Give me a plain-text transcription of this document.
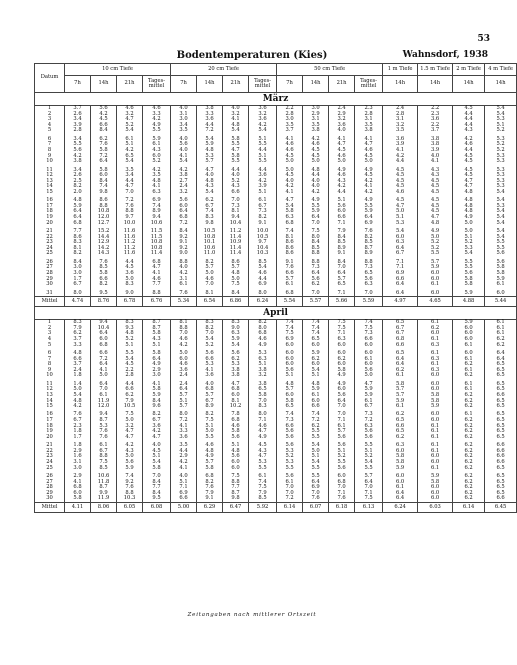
53
Bodentemperaturen (Kies)	Wahnsdorf, 1938
Datum	10 cm Tiefe				20 cm Tiefe				50 cm Tiefe				1 m Tiefe	1.5 m Tiefe	2 m Tiefe	4 m Tiefe
	7h	14h	21h	Tages-mittel	7h	14h	21h	Tages-mittel	7h	14h	21h	Tages-mittel	14h	14h	14h	14h
März																
1	3.7	5.6	4.6	4.6	4.0	3.8	4.0	3.6	2.2	3.0	2.4	2.3	2.4	2.2	4.5	5.4
2	2.6	4.2	3.2	3.3	3.1	3.3	3.2	3.2	2.8	2.9	2.9	2.8	2.8	2.3	4.4	5.4
3	3.4	4.5	4.7	4.2	3.0	3.6	4.1	3.6	3.0	3.1	3.2	3.1	3.1	3.6	4.4	5.3
4	3.9	6.6	5.2	4.9	3.4	4.4	4.8	4.2	3.5	3.5	3.6	3.5	3.2	2.2	4.4	5.1
5	2.8	8.4	5.4	5.5	3.5	7.2	5.4	5.4	3.7	3.8	4.0	3.8	3.5	3.7	4.3	5.2

6	3.4	6.2	6.1	5.9	4.0	5.4	5.8	5.1	4.1	4.2	4.1	4.1	3.6	3.8	4.2	5.3
7	5.5	7.6	5.1	6.1	5.6	5.9	5.5	5.5	4.6	4.6	4.7	4.7	3.9	3.8	4.6	5.2
8	5.6	5.8	4.2	4.3	4.0	4.8	4.7	4.4	4.6	4.5	4.5	4.6	4.1	3.9	4.4	5.2
9	4.2	7.2	6.5	6.0	4.1	5.3	5.8	5.1	4.5	4.5	4.6	4.5	4.2	4.0	4.5	5.3
10	3.8	6.4	5.4	5.2	5.4	5.7	5.5	5.5	5.0	5.0	5.0	5.0	4.4	4.1	4.5	5.3

11	3.4	5.8	3.5	4.2	4.2	4.7	4.4	4.4	5.0	4.8	4.9	4.9	4.5	4.3	4.5	5.3
12	2.6	6.0	3.4	3.5	3.8	4.0	4.0	3.6	4.5	4.4	4.6	4.5	4.5	4.3	4.5	5.3
13	2.5	8.4	4.4	4.8	2.7	4.8	5.2	4.2	4.0	4.0	4.3	4.2	4.5	4.5	4.7	5.3
14	8.2	7.4	4.7	4.1	2.4	4.3	4.3	3.9	4.2	4.0	4.2	4.1	4.5	4.5	4.7	5.3
15	2.0	9.8	7.0	6.3	3.2	5.4	6.6	5.1	4.1	4.2	4.4	4.2	4.6	4.5	4.8	5.4

16	4.8	8.6	7.2	6.9	5.6	6.2	7.0	6.1	4.7	4.9	5.1	4.9	4.5	4.5	4.8	5.4
17	5.9	8.8	7.6	7.4	6.0	6.7	7.3	6.7	5.4	5.5	5.6	5.5	4.7	4.5	4.8	5.3
18	6.4	10.8	8.8	8.9	6.4	7.4	8.1	7.3	5.8	5.9	6.0	5.9	5.0	4.5	4.8	5.4
19	6.4	12.0	9.7	9.4	6.8	8.3	9.4	8.2	6.3	6.4	6.6	6.4	5.1	4.7	4.9	5.4
20	6.8	12.7	10.0	10.6	7.2	9.8	10.4	9.1	6.8	7.0	7.1	6.9	5.3	4.8	5.0	5.4

21	7.7	15.2	11.6	11.5	8.4	10.5	11.2	10.0	7.4	7.5	7.9	7.6	5.4	4.9	5.0	5.4
22	8.6	14.4	11.6	11.5	9.2	10.8	11.4	10.5	8.1	8.0	8.4	8.2	6.0	5.0	5.1	5.4
23	8.3	12.9	11.2	10.8	9.1	10.1	10.9	9.7	8.6	8.4	8.5	8.5	6.3	5.2	5.2	5.5
24	8.1	14.2	11.2	10.8	9.2	10.6	11.4	10.4	8.6	8.5	8.9	8.7	6.4	5.2	5.3	5.5
25	8.2	14.3	11.6	11.4	9.0	11.0	11.4	10.3	8.6	8.8	9.1	8.9	6.7	5.5	5.4	5.6

26	8.4	7.6	4.4	6.8	8.8	8.2	8.6	8.5	9.1	8.8	8.4	8.8	7.1	5.7	5.5	5.6
27	3.0	8.5	4.5	4.7	4.0	5.7	5.7	5.4	7.6	7.3	7.0	7.3	7.1	5.9	5.5	5.8
28	3.0	5.8	3.6	4.1	4.2	5.0	4.8	4.6	6.6	6.4	6.4	6.5	6.9	6.0	5.6	5.8
29	1.7	6.6	5.0	4.6	3.1	4.6	5.0	4.4	5.7	5.6	5.7	5.6	6.6	6.0	5.8	5.9
30	6.7	8.2	8.3	7.7	6.1	7.0	7.5	6.9	6.1	6.2	6.5	6.3	6.4	6.1	5.8	6.1

31	8.0	9.5	9.0	8.8	7.6	8.1	8.4	8.0	6.8	7.0	7.1	7.0	6.4	6.0	5.9	6.0
Mittel	4.74	8.76	6.78	6.76	5.34	6.54	6.86	6.24	5.54	5.57	5.66	5.59	4.97	4.65	4.88	5.44
April																
1	8.3	9.4	8.3	8.7	8.1	8.3	8.3	8.2	7.4	7.4	7.5	7.4	6.5	6.1	5.9	6.1
2	7.9	10.4	9.3	8.7	8.8	8.2	9.0	8.0	7.4	7.4	7.5	7.5	6.7	6.2	6.0	6.1
3	6.2	6.4	4.8	5.8	7.0	7.0	6.3	6.8	7.5	7.4	7.1	7.3	6.7	6.0	6.0	6.1
4	3.7	6.0	5.2	4.3	4.6	5.4	5.9	4.6	6.9	6.5	6.3	6.6	6.8	6.1	6.0	6.2
5	3.3	6.8	5.1	5.1	4.2	5.2	5.4	4.9	6.0	6.0	6.0	6.0	6.6	6.3	6.1	6.2

6	4.8	6.6	5.5	5.8	5.0	5.6	5.6	5.3	6.0	5.9	6.0	6.0	6.5	6.1	6.0	6.4
7	6.6	7.2	5.4	6.4	6.0	6.6	6.2	6.3	6.0	6.2	6.2	6.1	6.4	6.3	6.1	6.4
8	3.7	6.4	4.5	4.9	4.6	5.3	5.3	5.1	6.0	6.0	6.0	6.0	6.4	6.1	6.2	6.5
9	2.4	4.1	2.2	2.9	3.6	4.1	3.8	3.8	5.6	5.4	5.8	5.6	6.2	6.3	6.1	6.5
10	1.8	5.0	2.8	3.0	2.4	3.6	3.8	3.2	5.1	5.1	4.9	5.0	6.1	6.0	6.2	6.5

11	1.4	6.4	4.4	4.1	2.4	4.0	4.7	3.8	4.8	4.8	4.9	4.7	5.8	6.0	6.1	6.5
12	5.0	7.0	6.6	5.8	6.4	6.8	6.8	6.5	5.7	5.9	6.0	5.9	5.7	6.0	6.1	6.5
13	5.4	6.1	6.2	5.9	5.7	5.7	6.0	5.8	6.0	6.1	5.6	5.9	5.7	5.8	6.2	6.6
14	4.8	11.9	7.9	8.4	5.1	6.7	8.1	7.0	5.8	6.0	6.4	6.1	5.9	5.8	6.2	6.5
15	4.2	12.0	10.5	9.6	5.7	8.9	10.2	8.3	6.5	6.6	7.0	6.7	6.1	5.9	6.2	6.5

16	7.6	9.4	7.5	8.2	8.0	8.2	7.8	8.0	7.4	7.4	7.0	7.3	6.2	6.0	6.1	6.5
17	6.7	8.7	5.0	6.7	7.2	7.5	6.8	7.1	7.3	7.2	7.1	7.2	6.5	6.0	6.2	6.5
18	2.3	5.3	3.2	3.6	4.1	5.1	4.6	4.6	6.6	6.2	6.1	6.3	6.6	6.1	6.2	6.5
19	1.8	7.6	4.7	4.2	3.3	5.0	5.8	4.7	5.6	5.5	5.7	5.6	6.5	6.1	6.2	6.5
20	1.7	7.6	4.7	4.7	3.6	5.5	5.6	4.9	5.6	5.5	5.6	5.6	6.2	6.1	6.2	6.5

21	1.8	6.1	4.2	4.0	3.5	4.6	5.1	4.5	5.6	5.4	5.6	5.5	6.3	6.1	6.2	6.6
22	2.9	6.7	4.3	4.5	4.4	4.8	4.8	4.3	5.3	5.0	5.1	5.1	6.0	6.1	6.2	6.6
23	1.6	8.8	5.0	5.1	2.9	4.9	5.6	4.7	5.2	5.1	5.2	5.2	5.8	6.0	6.2	6.6
24	3.1	7.5	5.6	5.4	4.2	5.7	6.0	5.3	5.3	5.4	5.5	5.4	5.8	6.0	6.2	6.6
25	3.0	8.5	5.9	5.8	4.1	5.8	6.0	5.5	5.5	5.5	5.6	5.5	5.9	6.1	6.2	6.5

26	2.9	10.6	7.4	7.0	4.0	6.8	7.5	6.1	5.6	5.5	6.0	5.7	6.0	5.9	6.2	6.5
27	4.1	11.8	9.2	8.4	5.1	8.2	8.8	7.4	6.1	6.4	6.8	6.4	6.0	5.8	6.2	6.5
28	6.8	8.7	7.6	7.7	7.1	7.6	7.7	7.5	7.0	6.9	7.0	7.0	6.1	6.0	6.2	6.5
29	6.0	9.9	8.8	8.4	6.9	7.9	8.7	7.9	7.0	7.0	7.1	7.1	6.4	6.0	6.2	6.5
30	5.8	11.9	10.3	9.5	6.6	9.1	9.8	8.5	7.2	7.6	7.6	7.5	6.4	6.0	6.2	6.6
Mittel	4.11	8.06	6.05	6.08	5.00	6.29	6.47	5.92	6.14	6.07	6.18	6.13	6.24	6.03	6.14	6.45
Zeitangaben nach mittlerer Ortszeit
